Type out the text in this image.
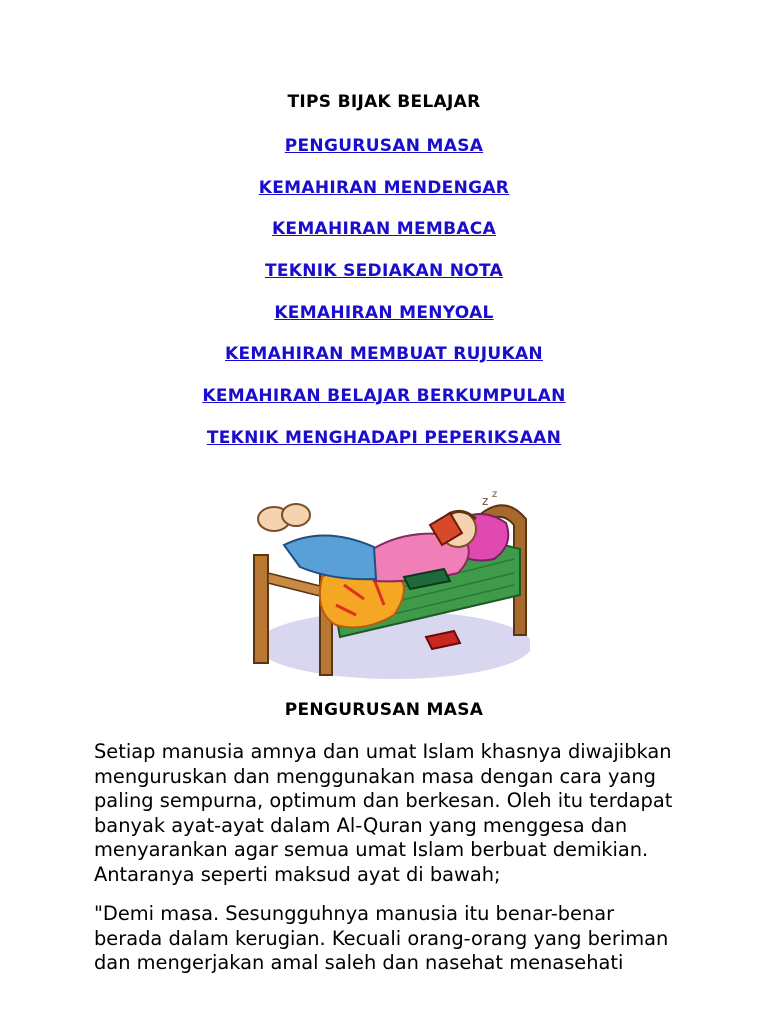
TIPS BIJAK BELAJAR
PENGURUSAN MASA
KEMAHIRAN MENDENGAR
KEMAHIRAN MEMBACA
TEKNIK SEDIAKAN NOTA
KEMAHIRAN MENYOAL
KEMAHIRAN MEMBUAT RUJUKAN
KEMAHIRAN BELAJAR BERKUMPULAN
TEKNIK MENGHADAPI PEPERIKSAAN
z z
PENGURUSAN MASA

Setiap manusia amnya dan umat Islam khasnya diwajibkan
menguruskan dan menggunakan masa dengan cara yang
paling sempurna, optimum dan berkesan. Oleh itu terdapat
banyak ayat-ayat dalam Al-Quran yang menggesa dan
menyarankan agar semua umat Islam berbuat demikian.
Antaranya seperti maksud ayat di bawah;

"Demi masa. Sesungguhnya manusia itu benar-benar
berada dalam kerugian. Kecuali orang-orang yang beriman
dan mengerjakan amal saleh dan nasehat menasehati
